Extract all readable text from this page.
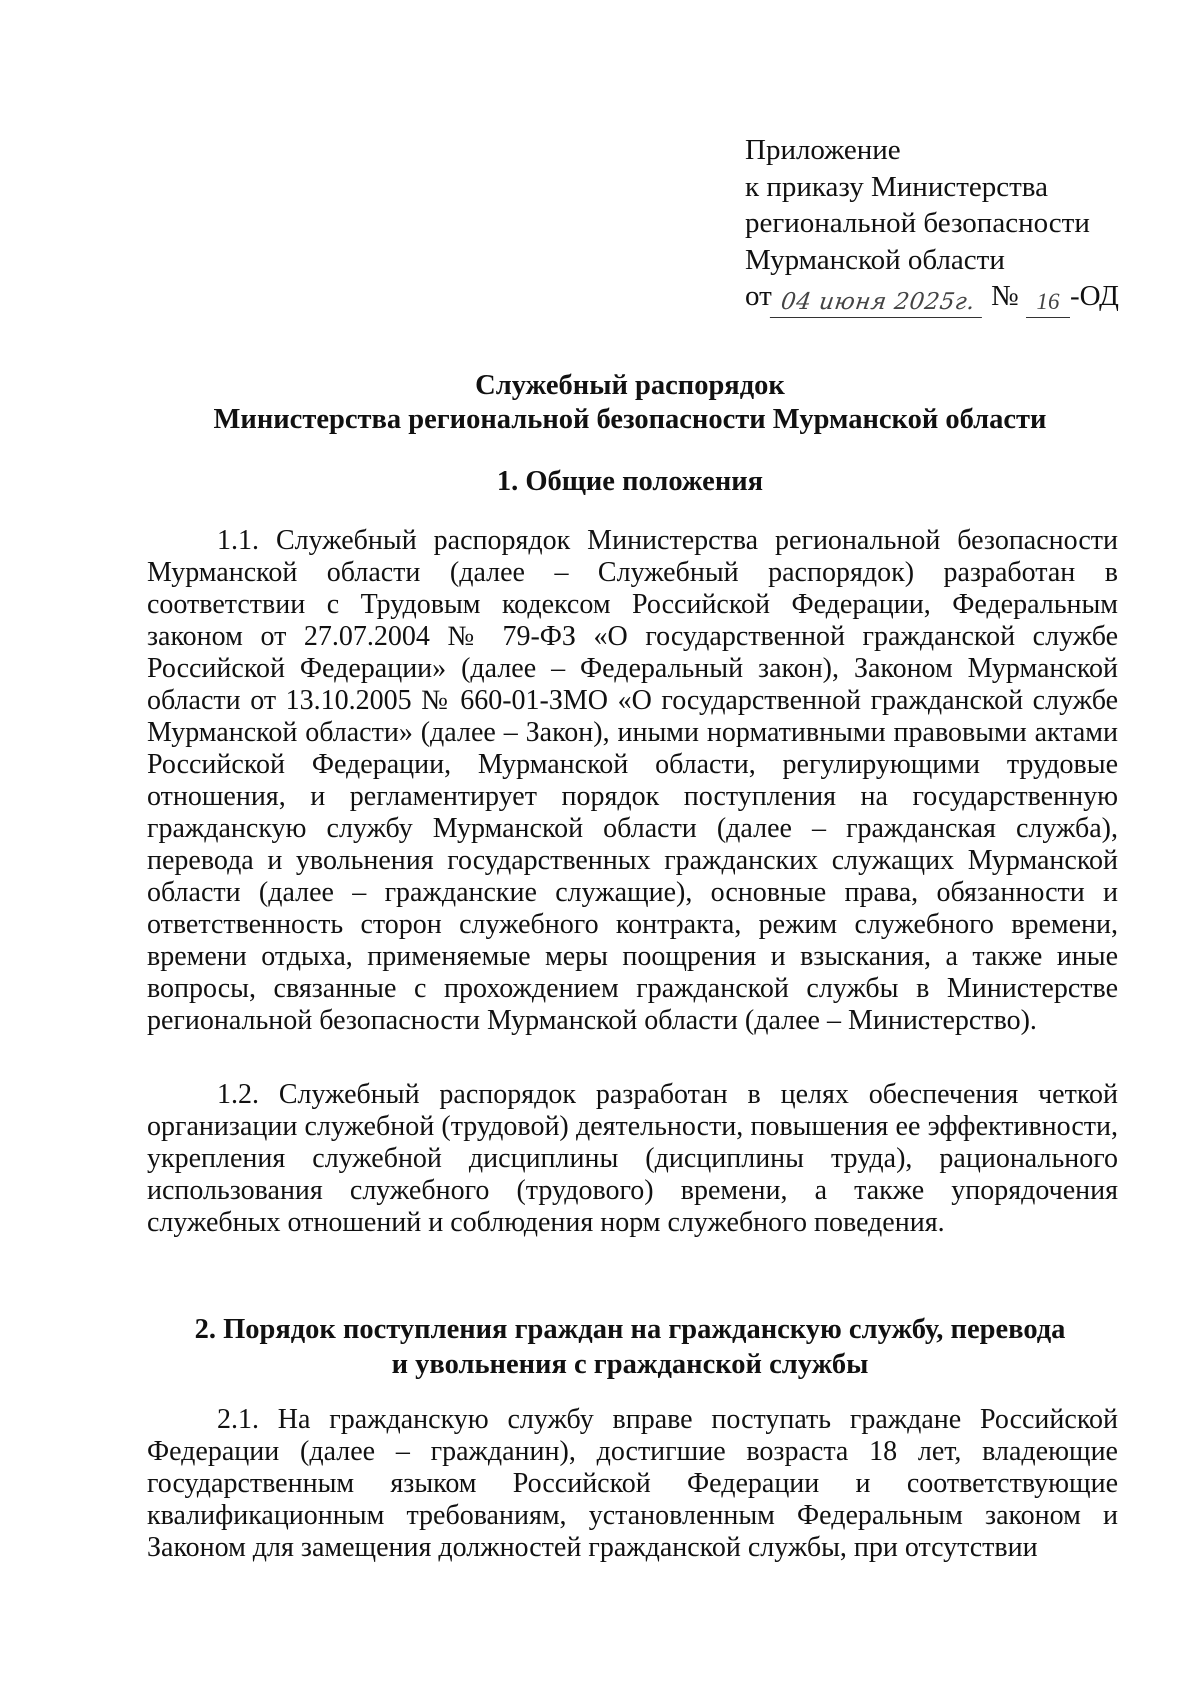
Приложение
к приказу Министерства
региональной безопасности
Мурманской области
от 04 июня 2025г. № 16 -ОД
Служебный распорядок
Министерства региональной безопасности Мурманской области
1. Общие положения

1.1. Служебный распорядок Министерства региональной безопасности Мурманской области (далее – Служебный распорядок) разработан в соответствии с Трудовым кодексом Российской Федерации, Федеральным законом от 27.07.2004 № 79-ФЗ «О государственной гражданской службе Российской Федерации» (далее – Федеральный закон), Законом Мурманской области от 13.10.2005 № 660-01-ЗМО «О государственной гражданской службе Мурманской области» (далее – Закон), иными нормативными правовыми актами Российской Федерации, Мурманской области, регулирующими трудовые отношения, и регламентирует порядок поступления на государственную гражданскую службу Мурманской области (далее – гражданская служба), перевода и увольнения государственных гражданских служащих Мурманской области (далее – гражданские служащие), основные права, обязанности и ответственность сторон служебного контракта, режим служебного времени, времени отдыха, применяемые меры поощрения и взыскания, а также иные вопросы, связанные с прохождением гражданской службы в Министерстве региональной безопасности Мурманской области (далее – Министерство).

1.2. Служебный распорядок разработан в целях обеспечения четкой организации служебной (трудовой) деятельности, повышения ее эффективности, укрепления служебной дисциплины (дисциплины труда), рационального использования служебного (трудового) времени, а также упорядочения служебных отношений и соблюдения норм служебного поведения.

2. Порядок поступления граждан на гражданскую службу, перевода
и увольнения с гражданской службы

2.1. На гражданскую службу вправе поступать граждане Российской Федерации (далее – гражданин), достигшие возраста 18 лет, владеющие государственным языком Российской Федерации и соответствующие квалификационным требованиям, установленным Федеральным законом и Законом для замещения должностей гражданской службы, при отсутствии
